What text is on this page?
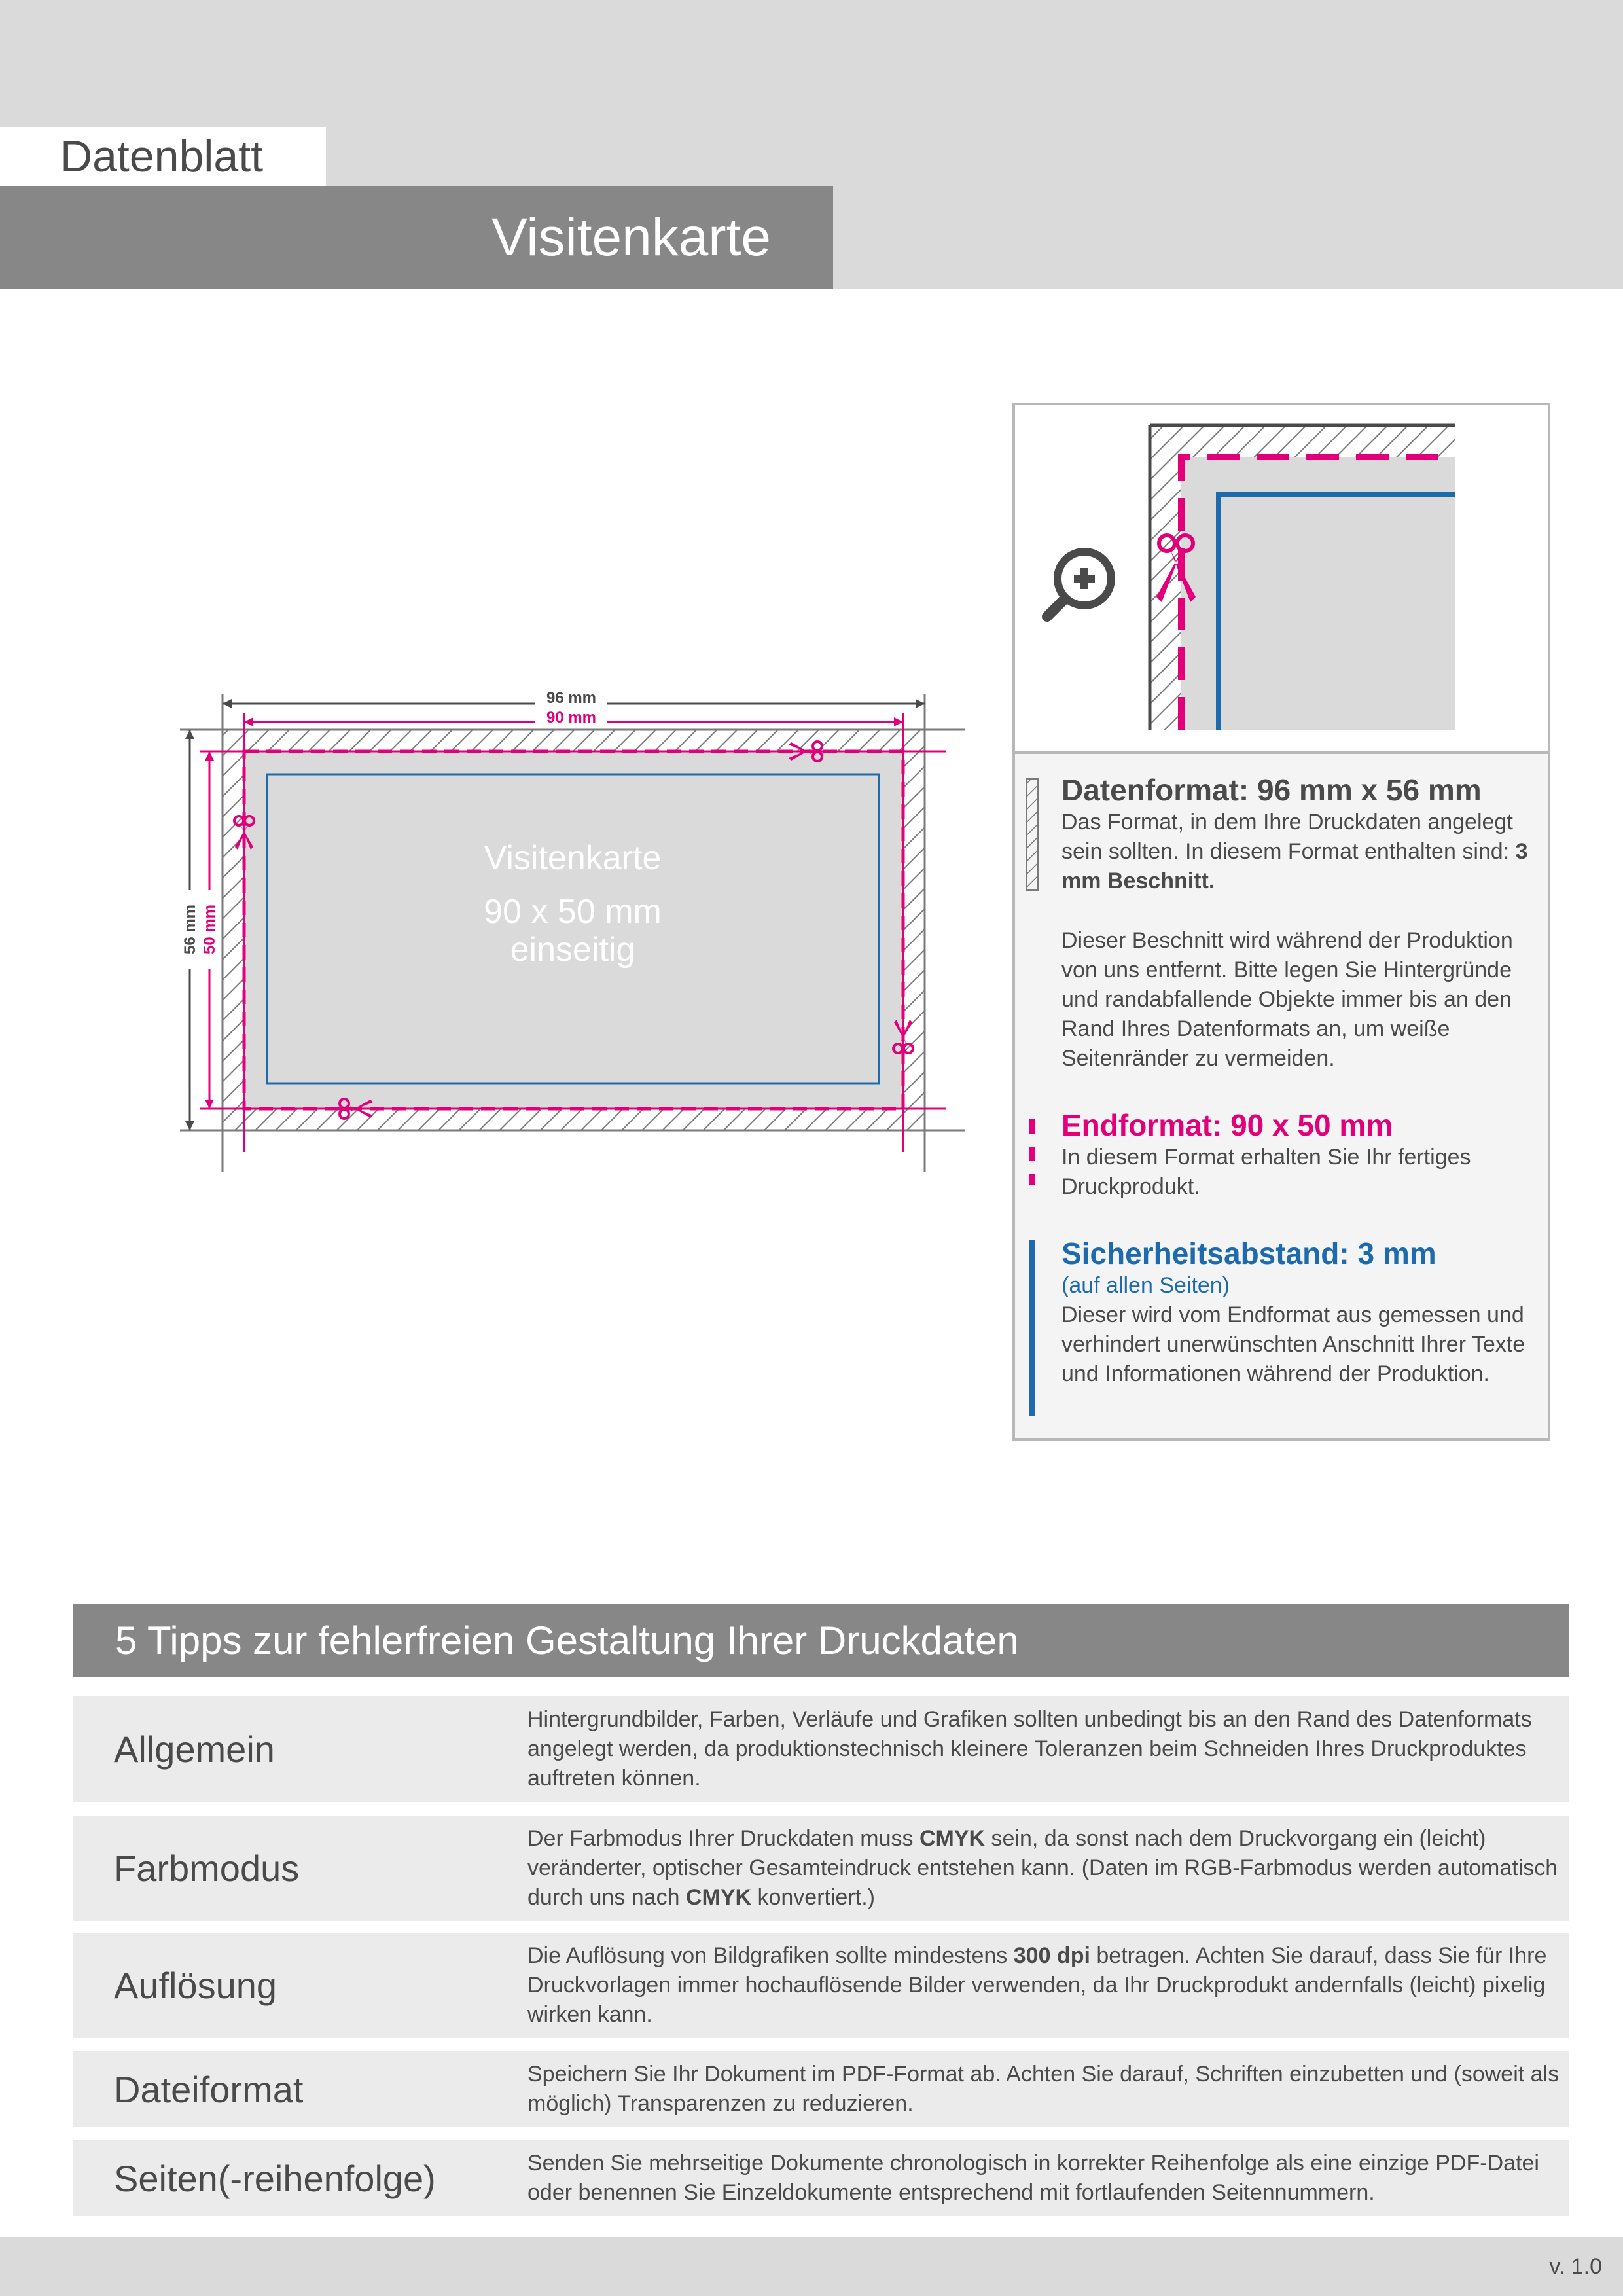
Datenblatt
Visitenkarte
96 mm
90 mm
56 mm 50 mm
Visitenkarte
90 x 50 mm
einseitig
Datenformat: 96 mm x 56 mm
Das Format, in dem Ihre Druckdaten angelegt sein sollten. In diesem Format enthalten sind: 3 mm Beschnitt.
Dieser Beschnitt wird während der Produktion von uns entfernt. Bitte legen Sie Hintergründe und randabfallende Objekte immer bis an den Rand Ihres Datenformats an, um weiße Seitenränder zu vermeiden.
Endformat: 90 x 50 mm
In diesem Format erhalten Sie Ihr fertiges Druckprodukt.
Sicherheitsabstand: 3 mm
(auf allen Seiten)
Dieser wird vom Endformat aus gemessen und verhindert unerwünschten Anschnitt Ihrer Texte und Informationen während der Produktion.
5 Tipps zur fehlerfreien Gestaltung Ihrer Druckdaten
Allgemein
Hintergrundbilder, Farben, Verläufe und Grafiken sollten unbedingt bis an den Rand des Datenformats angelegt werden, da produktionstechnisch kleinere Toleranzen beim Schneiden Ihres Druckproduktes auftreten können.
Farbmodus
Der Farbmodus Ihrer Druckdaten muss CMYK sein, da sonst nach dem Druckvorgang ein (leicht) veränderter, optischer Gesamteindruck entstehen kann. (Daten im RGB-Farbmodus werden automatisch durch uns nach CMYK konvertiert.)
Auflösung
Die Auflösung von Bildgrafiken sollte mindestens 300 dpi betragen. Achten Sie darauf, dass Sie für Ihre Druckvorlagen immer hochauflösende Bilder verwenden, da Ihr Druckprodukt andernfalls (leicht) pixelig wirken kann.
Dateiformat	Speichern Sie Ihr Dokument im PDF-Format ab. Achten Sie darauf, Schriften einzubetten und (soweit als möglich) Transparenzen zu reduzieren.
Seiten(-reihenfolge)	Senden Sie mehrseitige Dokumente chronologisch in korrekter Reihenfolge als eine einzige PDF-Datei oder benennen Sie Einzeldokumente entsprechend mit fortlaufenden Seitennummern.
v. 1.0
